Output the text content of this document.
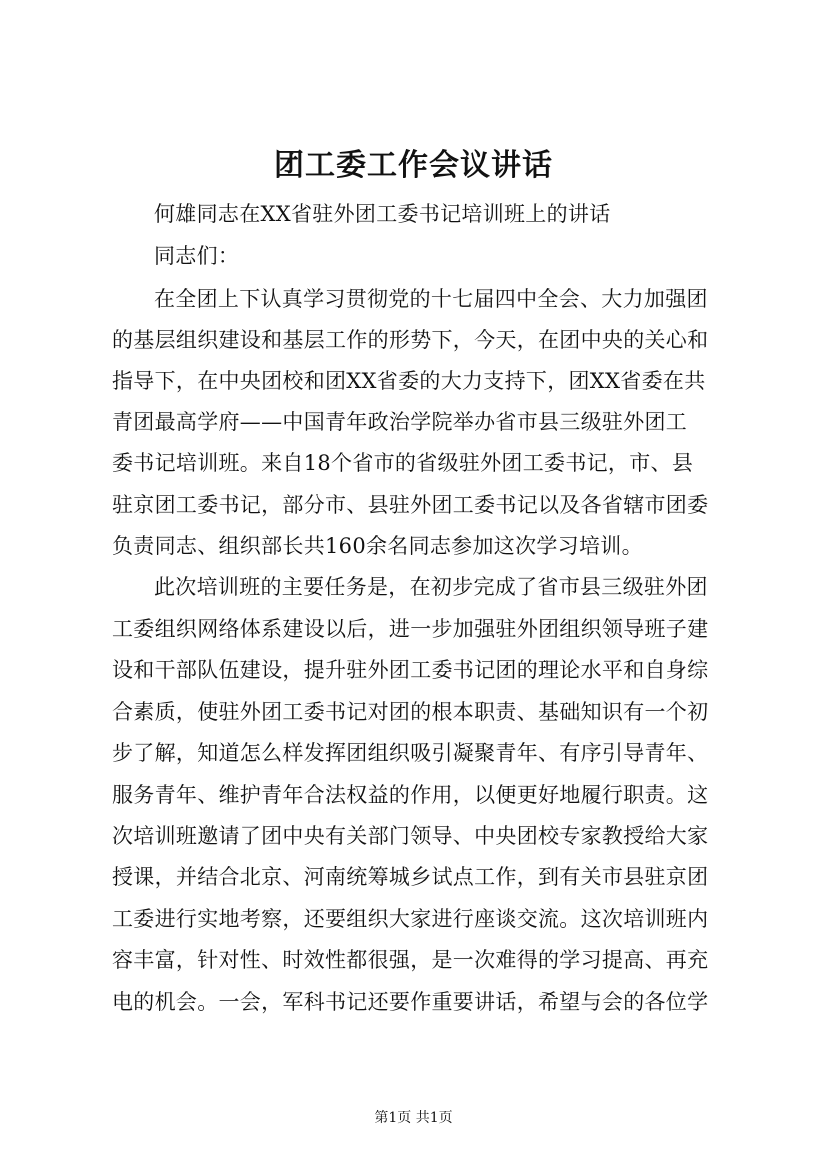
团工委工作会议讲话
何雄同志在XX省驻外团工委书记培训班上的讲话
同志们：
在全团上下认真学习贯彻党的十七届四中全会、大力加强团
的基层组织建设和基层工作的形势下，今天，在团中央的关心和
指导下，在中央团校和团XX省委的大力支持下，团XX省委在共
青团最高学府——中国青年政治学院举办省市县三级驻外团工
委书记培训班。来自18个省市的省级驻外团工委书记，市、县
驻京团工委书记，部分市、县驻外团工委书记以及各省辖市团委
负责同志、组织部长共160余名同志参加这次学习培训。
此次培训班的主要任务是，在初步完成了省市县三级驻外团
工委组织网络体系建设以后，进一步加强驻外团组织领导班子建
设和干部队伍建设，提升驻外团工委书记团的理论水平和自身综
合素质，使驻外团工委书记对团的根本职责、基础知识有一个初
步了解，知道怎么样发挥团组织吸引凝聚青年、有序引导青年、
服务青年、维护青年合法权益的作用，以便更好地履行职责。这
次培训班邀请了团中央有关部门领导、中央团校专家教授给大家
授课，并结合北京、河南统筹城乡试点工作，到有关市县驻京团
工委进行实地考察，还要组织大家进行座谈交流。这次培训班内
容丰富，针对性、时效性都很强，是一次难得的学习提高、再充
电的机会。一会，军科书记还要作重要讲话，希望与会的各位学
第1页 共1页
